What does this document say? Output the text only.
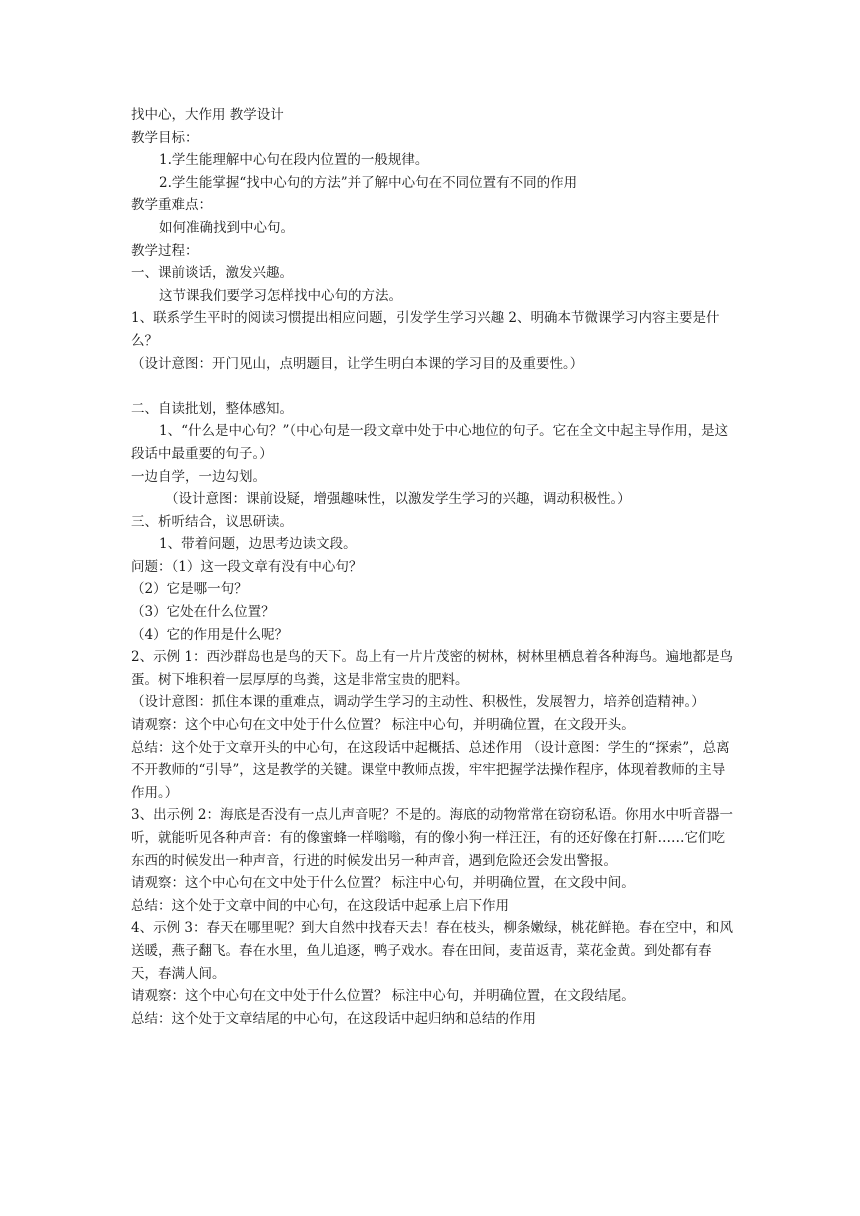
找中心，大作用 教学设计

教学目标：

1.学生能理解中心句在段内位置的一般规律。

2.学生能掌握“找中心句的方法”并了解中心句在不同位置有不同的作用

教学重难点：

如何准确找到中心句。

教学过程：

一、课前谈话，激发兴趣。

这节课我们要学习怎样找中心句的方法。

1、联系学生平时的阅读习惯提出相应问题，引发学生学习兴趣 2、明确本节微课学习内容主要是什么？

（设计意图：开门见山，点明题目，让学生明白本课的学习目的及重要性。）

二、自读批划，整体感知。

1、“什么是中心句？”（中心句是一段文章中处于中心地位的句子。它在全文中起主导作用，是这段话中最重要的句子。）

一边自学，一边勾划。

（设计意图：课前设疑，增强趣味性，以激发学生学习的兴趣，调动积极性。）

三、析听结合，议思研读。

1、带着问题，边思考边读文段。

问题：（1）这一段文章有没有中心句？

（2）它是哪一句？

（3）它处在什么位置？

（4）它的作用是什么呢？

2、示例 1：西沙群岛也是鸟的天下。岛上有一片片茂密的树林，树林里栖息着各种海鸟。遍地都是鸟蛋。树下堆积着一层厚厚的鸟粪，这是非常宝贵的肥料。

（设计意图：抓住本课的重难点，调动学生学习的主动性、积极性，发展智力，培养创造精神。）

请观察：这个中心句在文中处于什么位置？ 标注中心句，并明确位置，在文段开头。

总结：这个处于文章开头的中心句，在这段话中起概括、总述作用 （设计意图：学生的“探索”，总离不开教师的“引导”，这是教学的关键。课堂中教师点拨，牢牢把握学法操作程序，体现着教师的主导作用。）

3、出示例 2：海底是否没有一点儿声音呢？不是的。海底的动物常常在窃窃私语。你用水中听音器一听，就能听见各种声音：有的像蜜蜂一样嗡嗡，有的像小狗一样汪汪，有的还好像在打鼾……它们吃东西的时候发出一种声音，行进的时候发出另一种声音，遇到危险还会发出警报。

请观察：这个中心句在文中处于什么位置？ 标注中心句，并明确位置，在文段中间。

总结：这个处于文章中间的中心句，在这段话中起承上启下作用

4、示例 3：春天在哪里呢？到大自然中找春天去！春在枝头，柳条嫩绿，桃花鲜艳。春在空中，和风送暖，燕子翻飞。春在水里，鱼儿追逐，鸭子戏水。春在田间，麦苗返青，菜花金黄。到处都有春天，春满人间。

请观察：这个中心句在文中处于什么位置？ 标注中心句，并明确位置，在文段结尾。

总结：这个处于文章结尾的中心句，在这段话中起归纳和总结的作用
